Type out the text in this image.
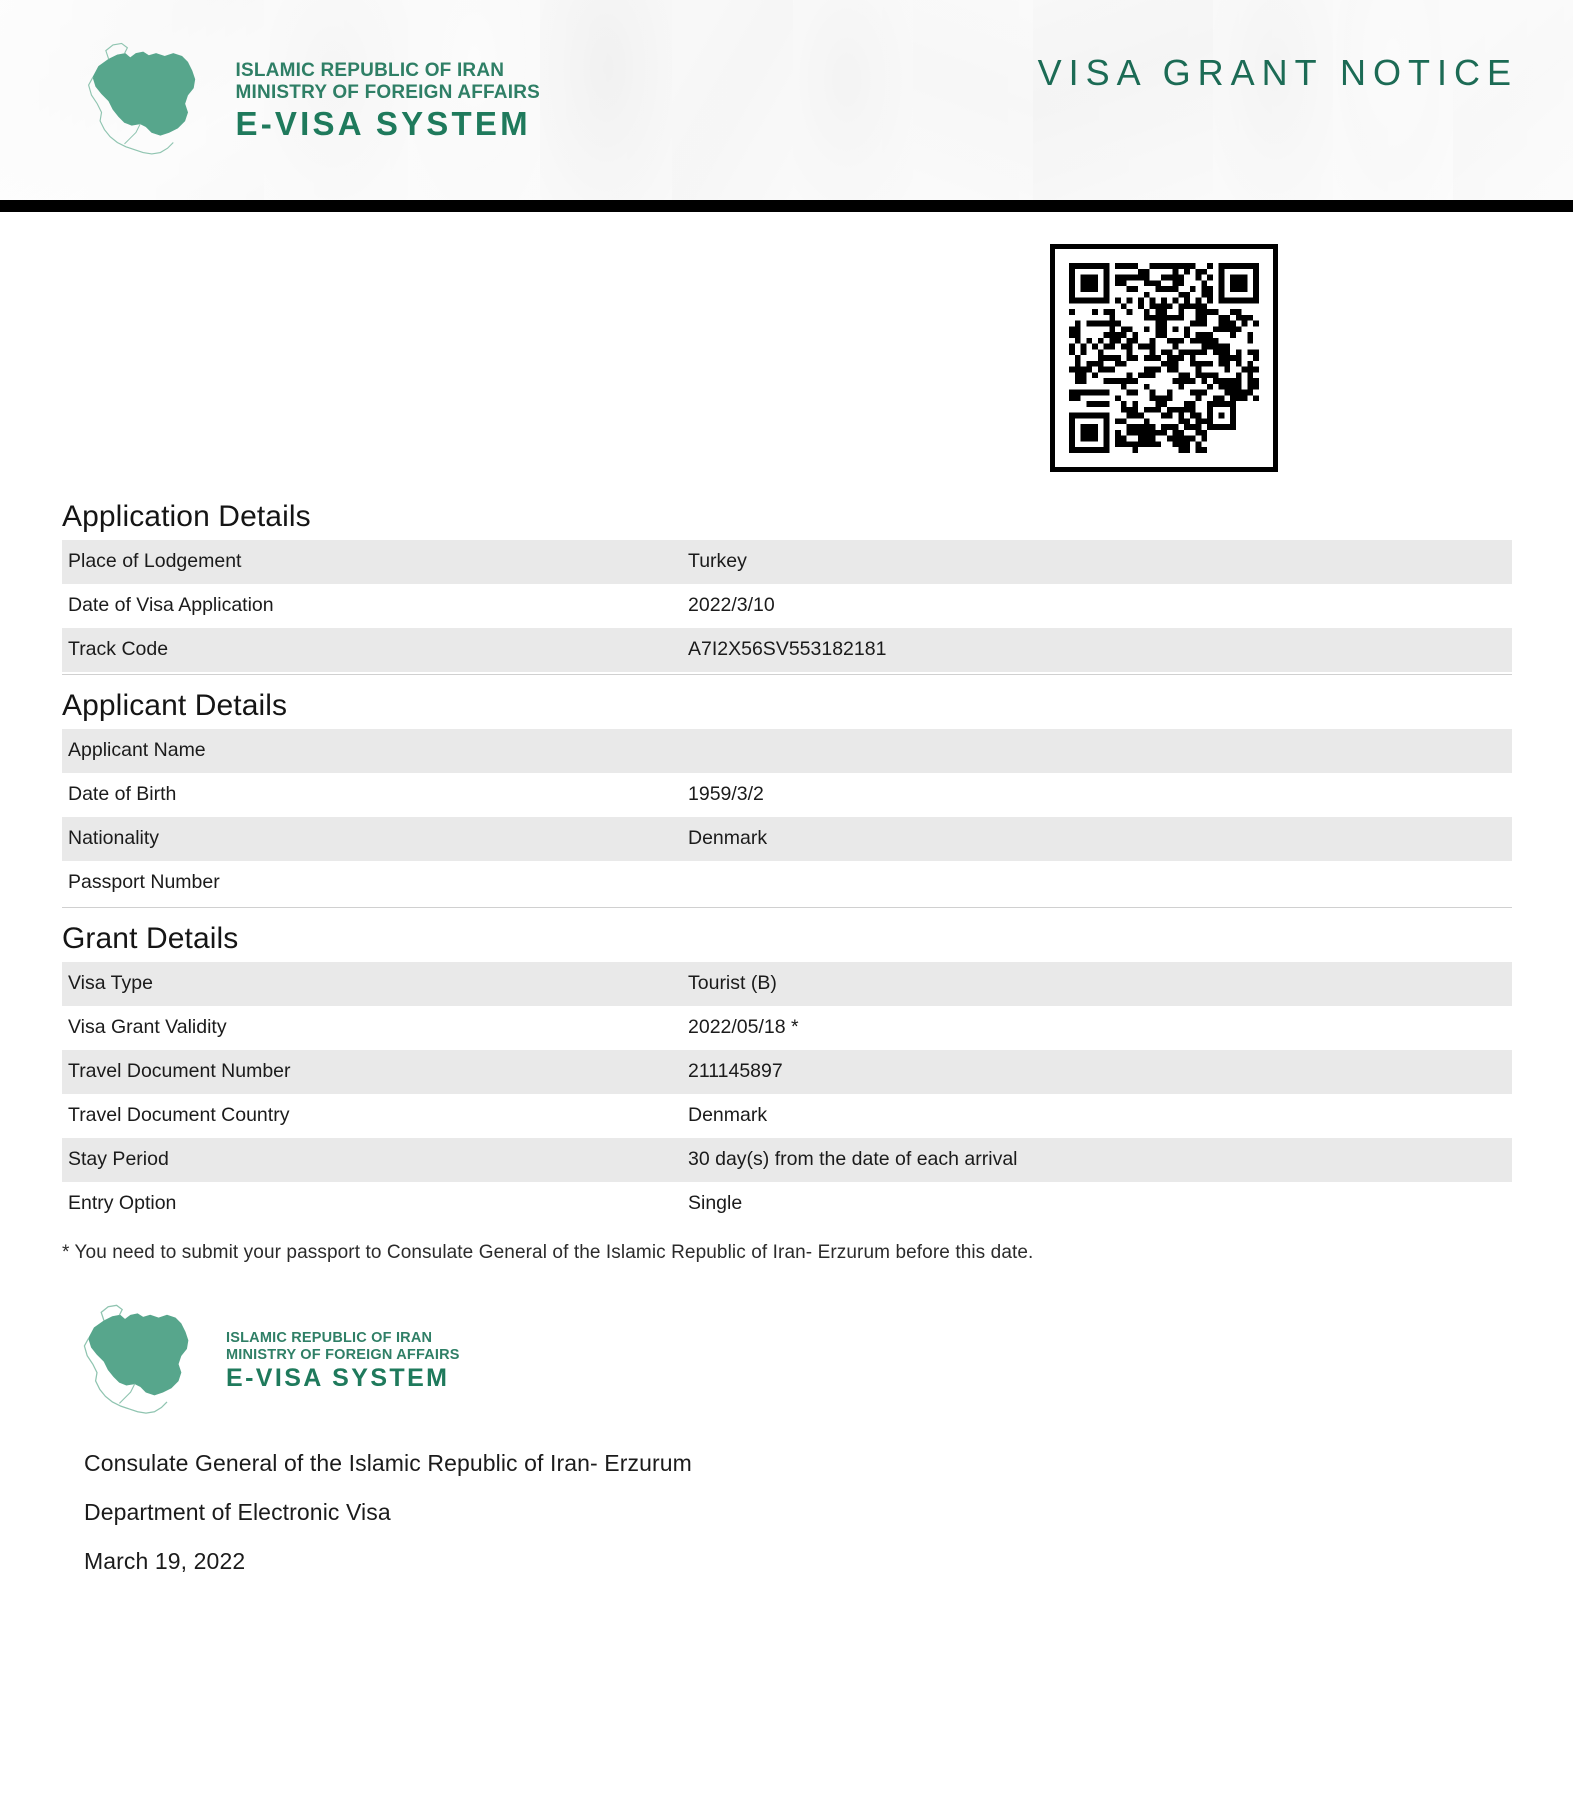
ISLAMIC REPUBLIC OF IRAN
MINISTRY OF FOREIGN AFFAIRS
E-VISA SYSTEM
VISA GRANT NOTICE
Application Details
Place of Lodgement	Turkey
Date of Visa Application	2022/3/10
Track Code	A7I2X56SV553182181
Applicant Details
Applicant Name	
Date of Birth	1959/3/2
Nationality	Denmark
Passport Number	
Grant Details
Visa Type	Tourist (B)
Visa Grant Validity	2022/05/18 *
Travel Document Number	211145897
Travel Document Country	Denmark
Stay Period	30 day(s) from the date of each arrival
Entry Option	Single
* You need to submit your passport to Consulate General of the Islamic Republic of Iran- Erzurum before this date.
ISLAMIC REPUBLIC OF IRAN
MINISTRY OF FOREIGN AFFAIRS
E-VISA SYSTEM
Consulate General of the Islamic Republic of Iran- Erzurum
Department of Electronic Visa
March 19, 2022
